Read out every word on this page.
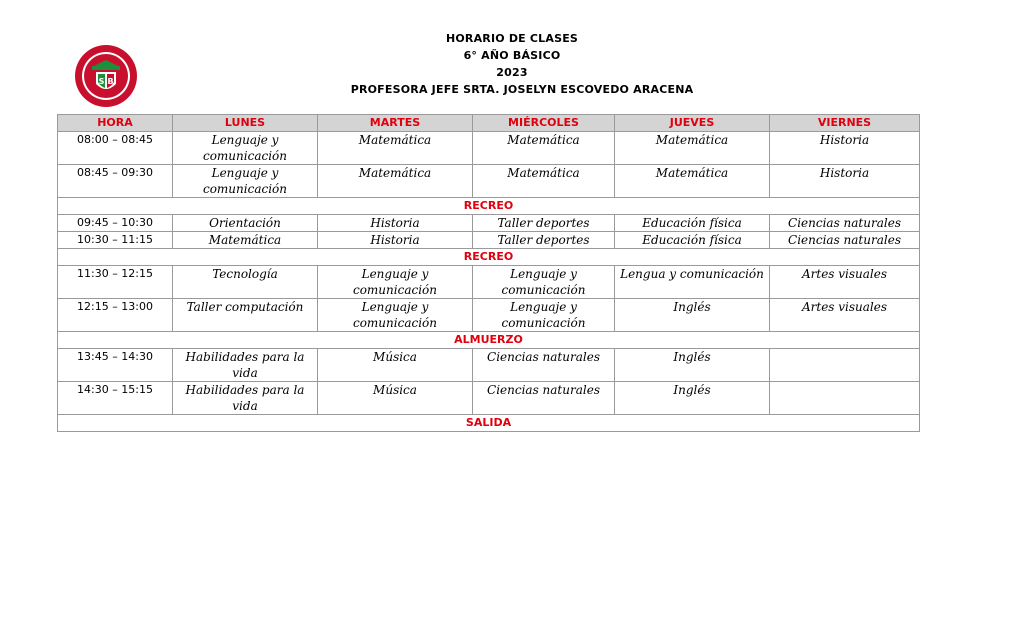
S B
HORARIO DE CLASES
6° AÑO BÁSICO
2023
PROFESORA JEFE SRTA. JOSELYN ESCOVEDO ARACENA
HORA	LUNES	MARTES	MIÉRCOLES	JUEVES	VIERNES
08:00 – 08:45	Lenguaje y comunicación	Matemática	Matemática	Matemática	Historia
08:45 – 09:30	Lenguaje y comunicación	Matemática	Matemática	Matemática	Historia
RECREO					
09:45 – 10:30	Orientación	Historia	Taller deportes	Educación física	Ciencias naturales
10:30 – 11:15	Matemática	Historia	Taller deportes	Educación física	Ciencias naturales
RECREO					
11:30 – 12:15	Tecnología	Lenguaje y comunicación	Lenguaje y comunicación	Lengua y comunicación	Artes visuales
12:15 – 13:00	Taller computación	Lenguaje y comunicación	Lenguaje y comunicación	Inglés	Artes visuales
ALMUERZO					
13:45 – 14:30	Habilidades para la vida	Música	Ciencias naturales	Inglés	
14:30 – 15:15	Habilidades para la vida	Música	Ciencias naturales	Inglés	
SALIDA					
